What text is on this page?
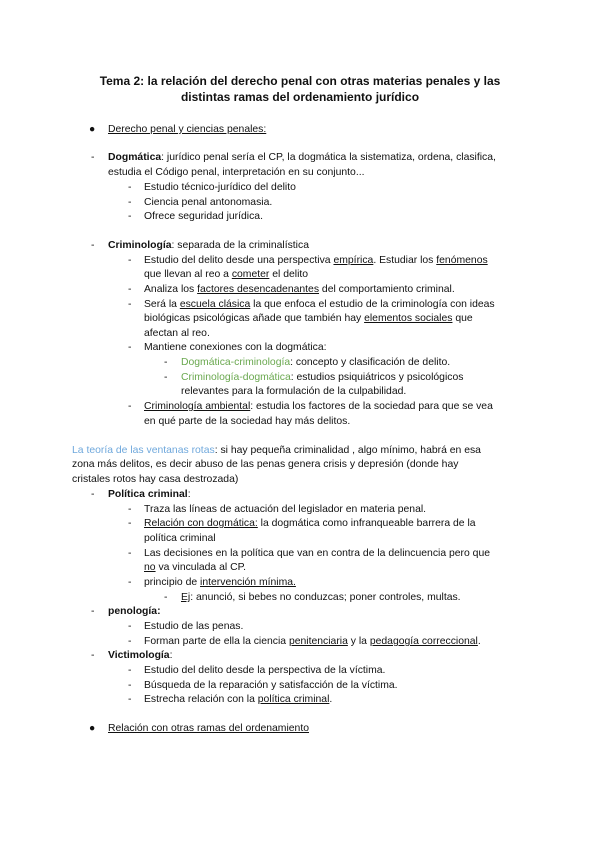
Tema 2: la relación del derecho penal con otras materias penales y las
distintas ramas del ordenamiento jurídico
● Derecho penal y ciencias penales:
- Dogmática: jurídico penal sería el CP, la dogmática la sistematiza, ordena, clasifica,
estudia el Código penal, interpretación en su conjunto...
- Estudio técnico-jurídico del delito
- Ciencia penal antonomasia.
- Ofrece seguridad jurídica.
- Criminología: separada de la criminalística
- Estudio del delito desde una perspectiva empírica. Estudiar los fenómenos
que llevan al reo a cometer el delito
- Analiza los factores desencadenantes del comportamiento criminal.
- Será la escuela clásica la que enfoca el estudio de la criminología con ideas
biológicas psicológicas añade que también hay elementos sociales que
afectan al reo.
- Mantiene conexiones con la dogmática:
- Dogmática-criminología: concepto y clasificación de delito.
- Criminología-dogmática: estudios psiquiátricos y psicológicos
relevantes para la formulación de la culpabilidad.
- Criminología ambiental: estudia los factores de la sociedad para que se vea
en qué parte de la sociedad hay más delitos.
La teoría de las ventanas rotas: si hay pequeña criminalidad , algo mínimo, habrá en esa
zona más delitos, es decir abuso de las penas genera crisis y depresión (donde hay
cristales rotos hay casa destrozada)
- Política criminal:
- Traza las líneas de actuación del legislador en materia penal.
- Relación con dogmática: la dogmática como infranqueable barrera de la
política criminal
- Las decisiones en la política que van en contra de la delincuencia pero que
no va vinculada al CP.
- principio de intervención mínima.
- Ej: anunció, si bebes no conduzcas; poner controles, multas.
- penología:
- Estudio de las penas.
- Forman parte de ella la ciencia penitenciaria y la pedagogía correccional.
- Victimología:
- Estudio del delito desde la perspectiva de la víctima.
- Búsqueda de la reparación y satisfacción de la víctima.
- Estrecha relación con la política criminal.
● Relación con otras ramas del ordenamiento
